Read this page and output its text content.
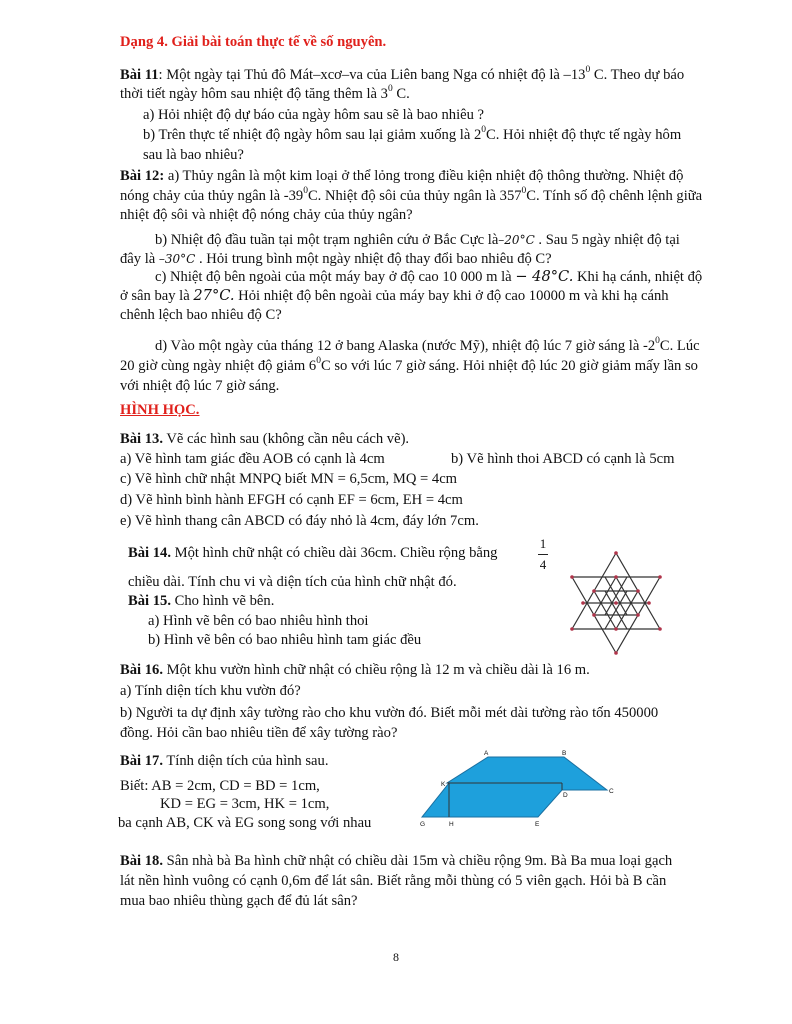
Dạng 4. Giải bài toán thực tế về số nguyên.
Bài 11: Một ngày tại Thủ đô Mát–xcơ–va của Liên bang Nga có nhiệt độ là $-13^0$ C. Theo dự báo
thời tiết ngày hôm sau nhiệt độ tăng thêm là $3^0$ C.
a) Hỏi nhiệt độ dự báo của ngày hôm sau sẽ là bao nhiêu ?
b) Trên thực tế nhiệt độ ngày hôm sau lại giảm xuống là $2^0C$. Hỏi nhiệt độ thực tế ngày hôm
sau là bao nhiêu?
Bài 12: a) Thủy ngân là một kim loại ở thể lỏng trong điều kiện nhiệt độ thông thường. Nhiệt độ
nóng chảy của thủy ngân là $-39^0C$. Nhiệt độ sôi của thủy ngân là $357^0C$. Tính số độ chênh lệnh giữa
nhiệt độ sôi và nhiệt độ nóng chảy của thủy ngân?
b) Nhiệt độ đầu tuần tại một trạm nghiên cứu ở Bắc Cực là–20°C . Sau 5 ngày nhiệt độ tại
đây là –30°C . Hỏi trung bình một ngày nhiệt độ thay đổi bao nhiêu độ C?
c) Nhiệt độ bên ngoài của một máy bay ở độ cao 10 000 m là − 48°C. Khi hạ cánh, nhiệt độ
ở sân bay là 27°C. Hỏi nhiệt độ bên ngoài của máy bay khi ở độ cao 10000 m và khi hạ cánh
chênh lệch bao nhiêu độ C?
d) Vào một ngày của tháng 12 ở bang Alaska (nước Mỹ), nhiệt độ lúc 7 giờ sáng là $-2^0C$. Lúc
20 giờ cùng ngày nhiệt độ giảm $6^0C$ so với lúc 7 giờ sáng. Hỏi nhiệt độ lúc 20 giờ giảm mấy lần so
với nhiệt độ lúc 7 giờ sáng.
HÌNH HỌC.
Bài 13. Vẽ các hình sau (không cần nêu cách vẽ).
a) Vẽ hình tam giác đều AOB có cạnh là 4cm	b) Vẽ hình thoi ABCD có cạnh là 5cm
c) Vẽ hình chữ nhật MNPQ biết MN = 6,5cm, MQ = 4cm
d) Vẽ hình bình hành EFGH có cạnh EF = 6cm, EH = 4cm
e) Vẽ hình thang cân ABCD có đáy nhỏ là 4cm, đáy lớn 7cm.
Bài 14. Một hình chữ nhật có chiều dài 36cm. Chiều rộng bằng
1
4
chiều dài. Tính chu vi và diện tích của hình chữ nhật đó.
Bài 15. Cho hình vẽ bên.
a) Hình vẽ bên có bao nhiêu hình thoi
b) Hình vẽ bên có bao nhiêu hình tam giác đều
Bài 16. Một khu vườn hình chữ nhật có chiều rộng là 12 m và chiều dài là 16 m.
a) Tính diện tích khu vườn đó?
b) Người ta dự định xây tường rào cho khu vườn đó. Biết mỗi mét dài tường rào tốn 450000
đồng. Hỏi cần bao nhiêu tiền để xây tường rào?
Bài 17. Tính diện tích của hình sau.
Biết: AB = 2cm, CD = BD = 1cm,
KD = EG = 3cm, HK = 1cm,
ba cạnh AB, CK và EG song song với nhau
A	B
C
D
E
G	H
K
Bài 18. Sân nhà bà Ba hình chữ nhật có chiều dài 15m và chiều rộng 9m. Bà Ba mua loại gạch
lát nền hình vuông có cạnh 0,6m để lát sân. Biết rằng mỗi thùng có 5 viên gạch. Hỏi bà B cần
mua bao nhiêu thùng gạch để đủ lát sân?
8
